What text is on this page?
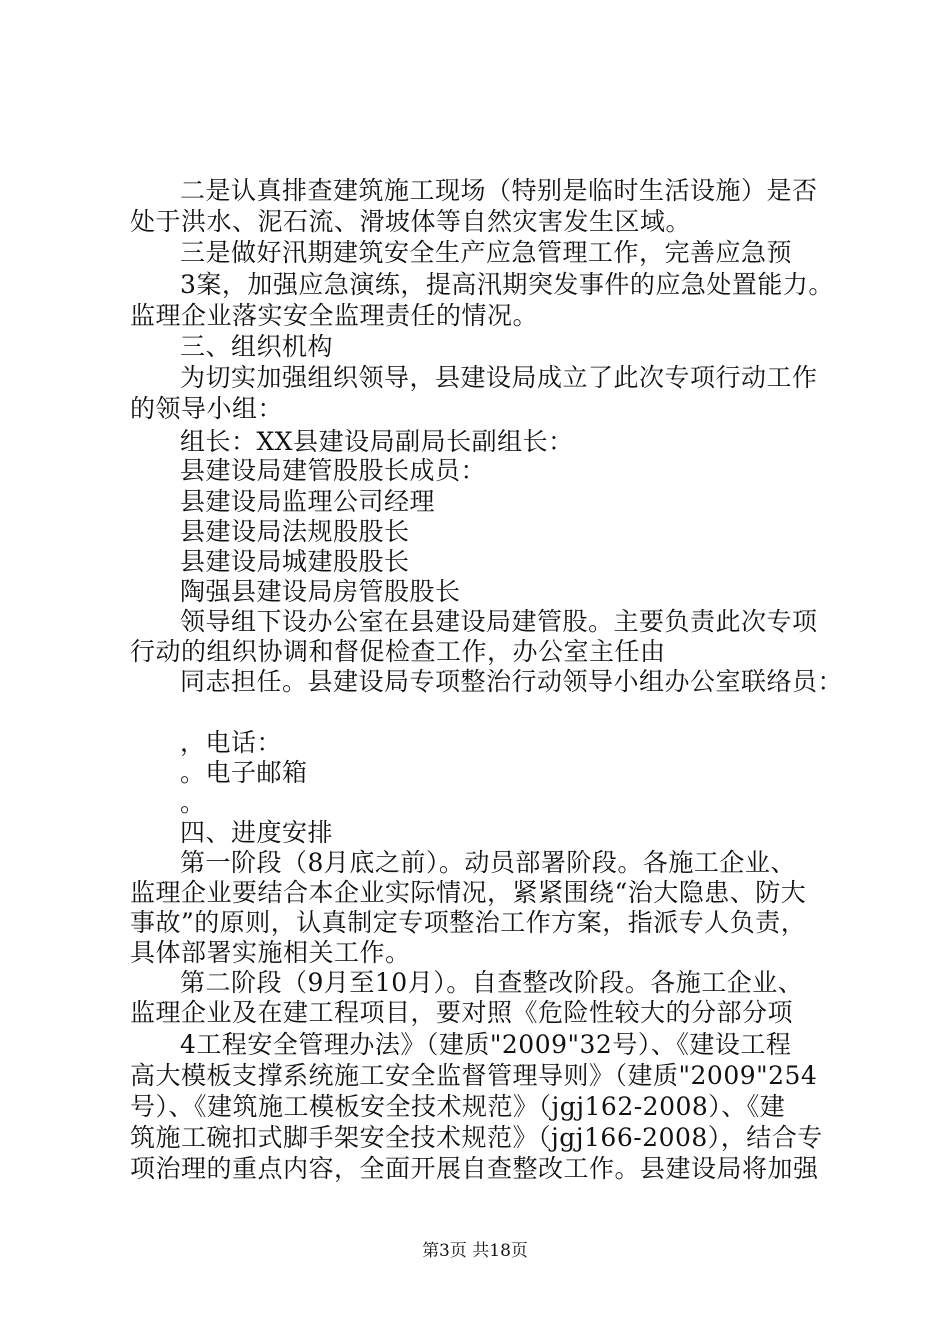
二是认真排查建筑施工现场（特别是临时生活设施）是否
处于洪水、泥石流、滑坡体等自然灾害发生区域。
三是做好汛期建筑安全生产应急管理工作，完善应急预
3案，加强应急演练，提高汛期突发事件的应急处置能力。
监理企业落实安全监理责任的情况。
三、组织机构
为切实加强组织领导，县建设局成立了此次专项行动工作
的领导小组：
组长：XX县建设局副局长副组长：
县建设局建管股股长成员：
县建设局监理公司经理
县建设局法规股股长
县建设局城建股股长
陶强县建设局房管股股长
领导组下设办公室在县建设局建管股。主要负责此次专项
行动的组织协调和督促检查工作，办公室主任由
同志担任。县建设局专项整治行动领导小组办公室联络员：
，电话：
。电子邮箱
。
四、进度安排
第一阶段（8月底之前）。动员部署阶段。各施工企业、
监理企业要结合本企业实际情况，紧紧围绕“治大隐患、防大
事故”的原则，认真制定专项整治工作方案，指派专人负责，
具体部署实施相关工作。
第二阶段（9月至10月）。自查整改阶段。各施工企业、
监理企业及在建工程项目，要对照《危险性较大的分部分项
4工程安全管理办法》（建质"2009"32号）、《建设工程
高大模板支撑系统施工安全监督管理导则》（建质"2009"254
号）、《建筑施工模板安全技术规范》（jgj162-2008）、《建
筑施工碗扣式脚手架安全技术规范》（jgj166-2008），结合专
项治理的重点内容，全面开展自查整改工作。县建设局将加强
第3页 共18页
